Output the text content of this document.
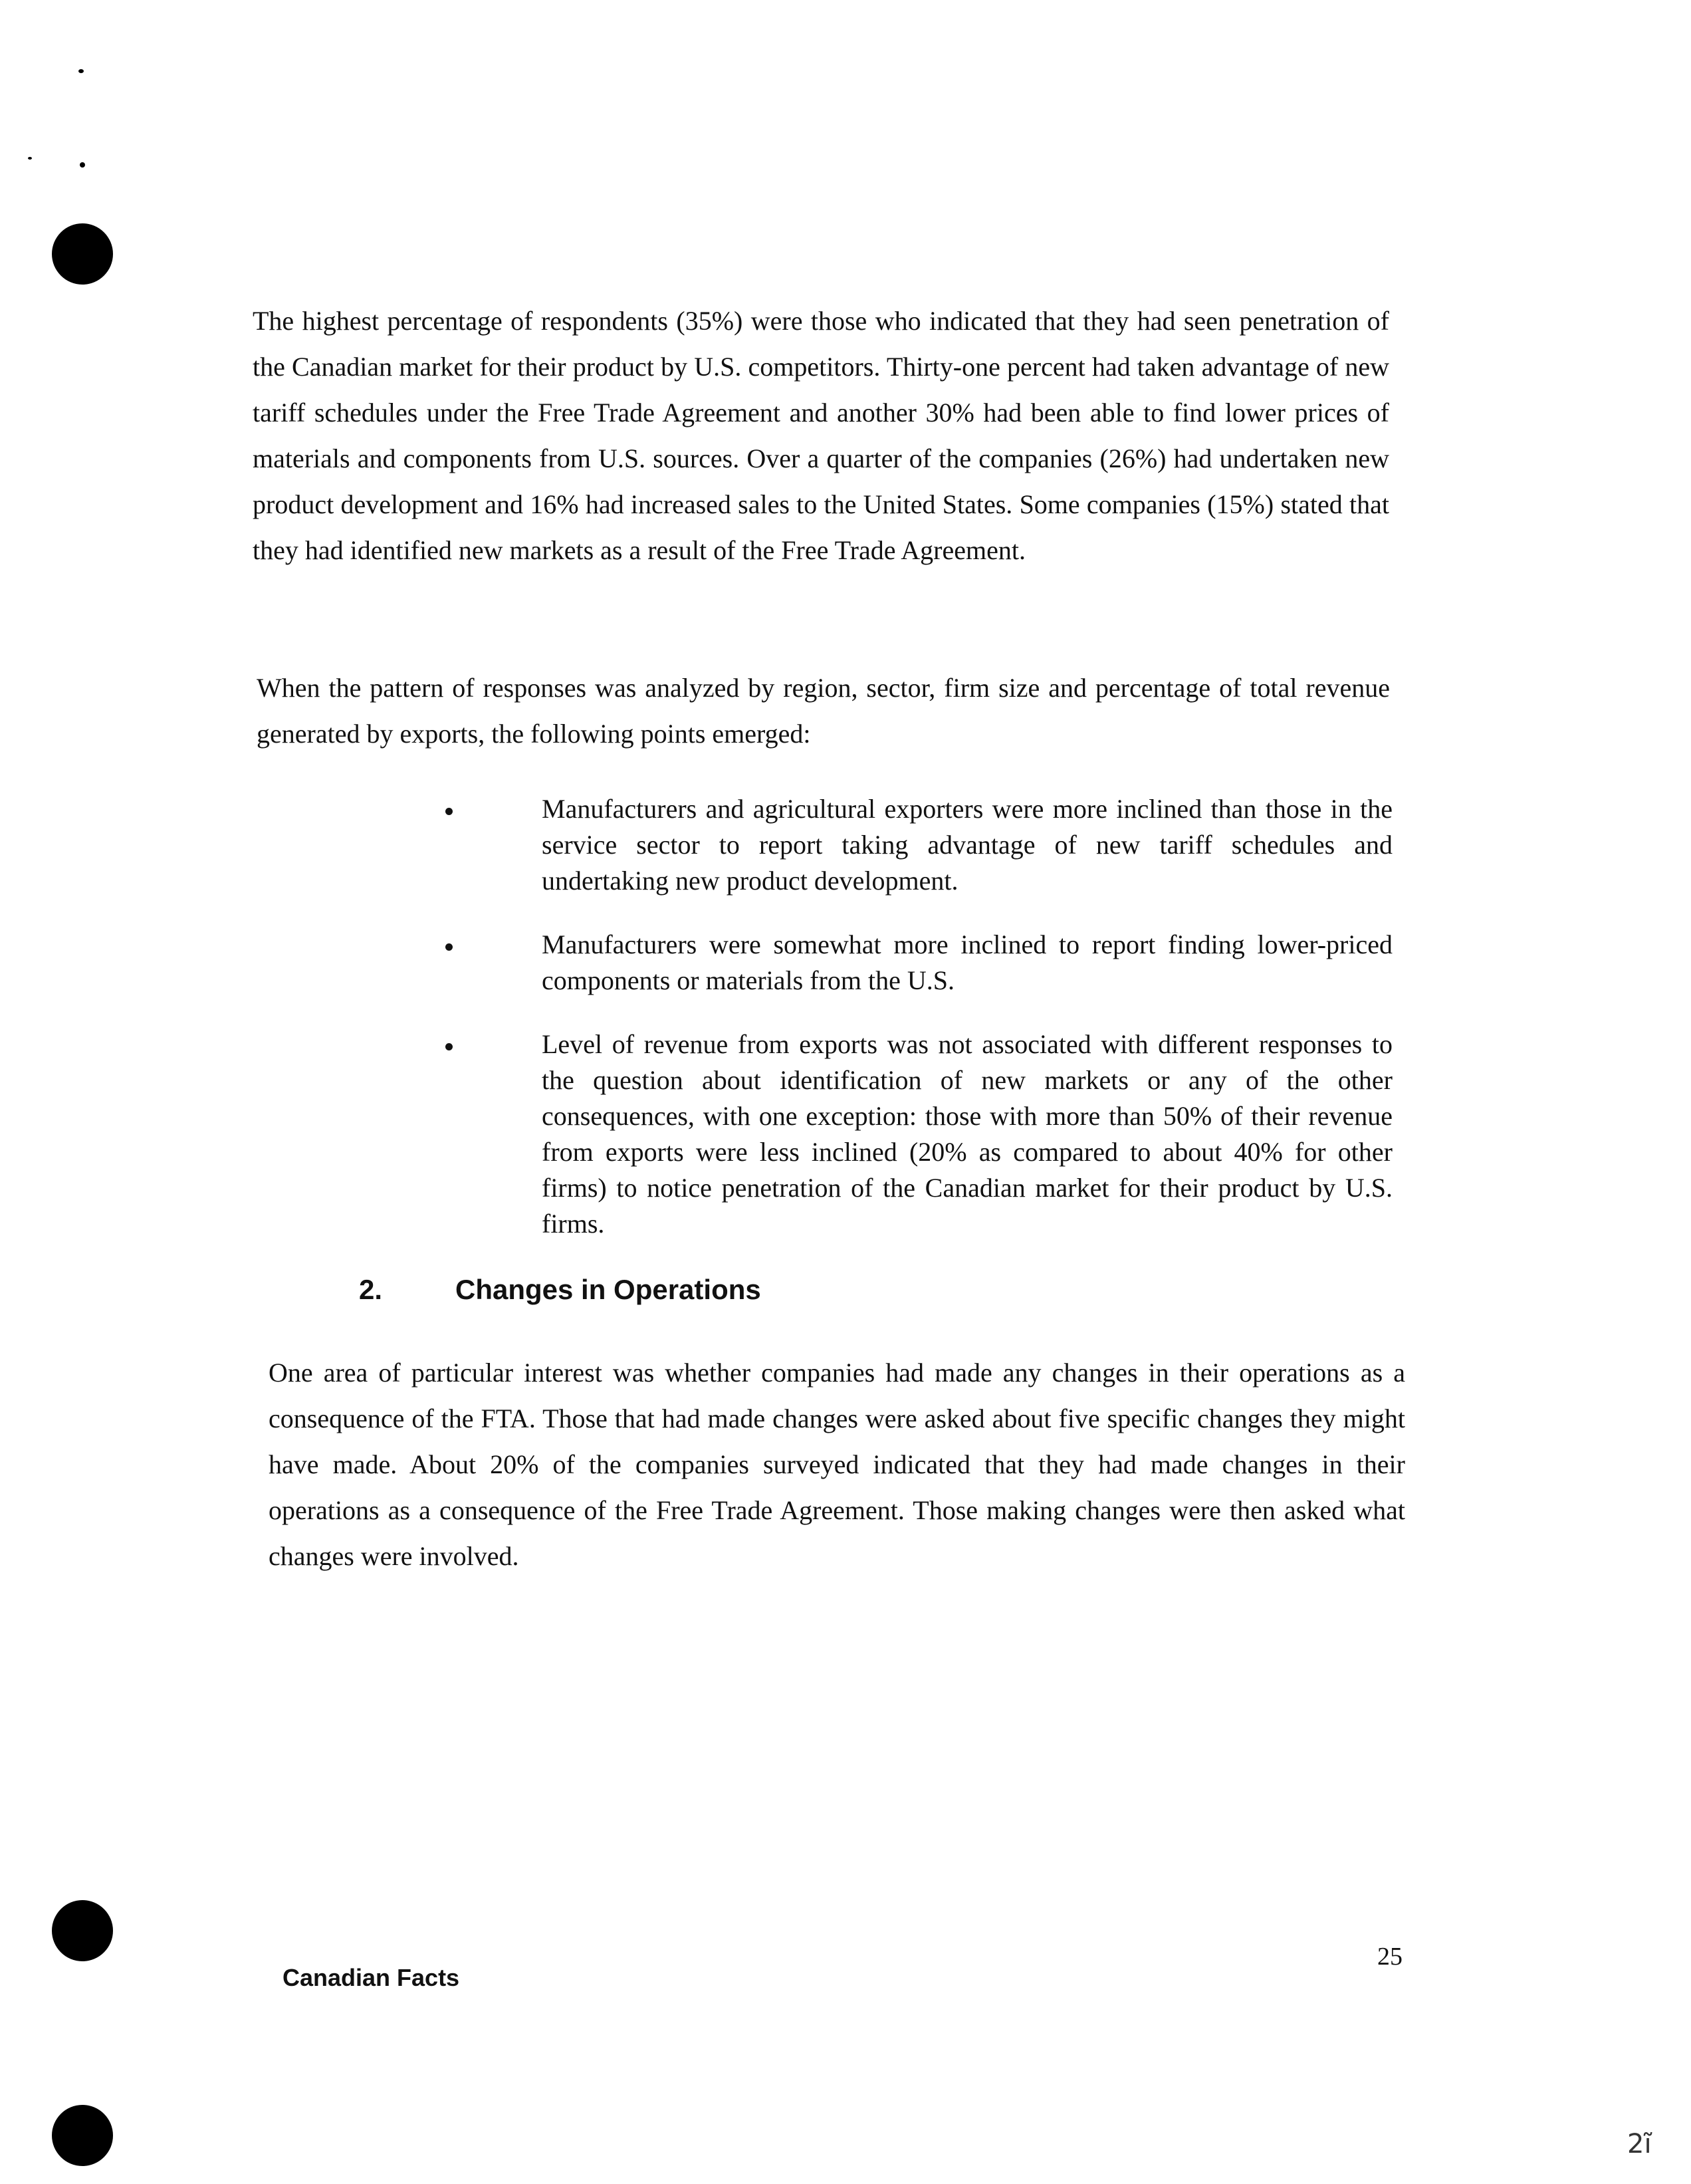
The highest percentage of respondents (35%) were those who indicated that they had seen penetration of the Canadian market for their product by U.S. competitors. Thirty-one percent had taken advantage of new tariff schedules under the Free Trade Agreement and another 30% had been able to find lower prices of materials and components from U.S. sources. Over a quarter of the companies (26%) had undertaken new product development and 16% had increased sales to the United States. Some companies (15%) stated that they had identified new markets as a result of the Free Trade Agreement.

When the pattern of responses was analyzed by region, sector, firm size and percentage of total revenue generated by exports, the following points emerged:

Manufacturers and agricultural exporters were more inclined than those in the service sector to report taking advantage of new tariff schedules and undertaking new product development.
Manufacturers were somewhat more inclined to report finding lower-priced components or materials from the U.S.
Level of revenue from exports was not associated with different responses to the question about identification of new markets or any of the other consequences, with one exception: those with more than 50% of their revenue from exports were less inclined (20% as compared to about 40% for other firms) to notice penetration of the Canadian market for their product by U.S. firms.
2.	Changes in Operations

One area of particular interest was whether companies had made any changes in their operations as a consequence of the FTA. Those that had made changes were asked about five specific changes they might have made. About 20% of the companies surveyed indicated that they had made changes in their operations as a consequence of the Free Trade Agreement. Those making changes were then asked what changes were involved.

25
Canadian Facts
2ĩ
